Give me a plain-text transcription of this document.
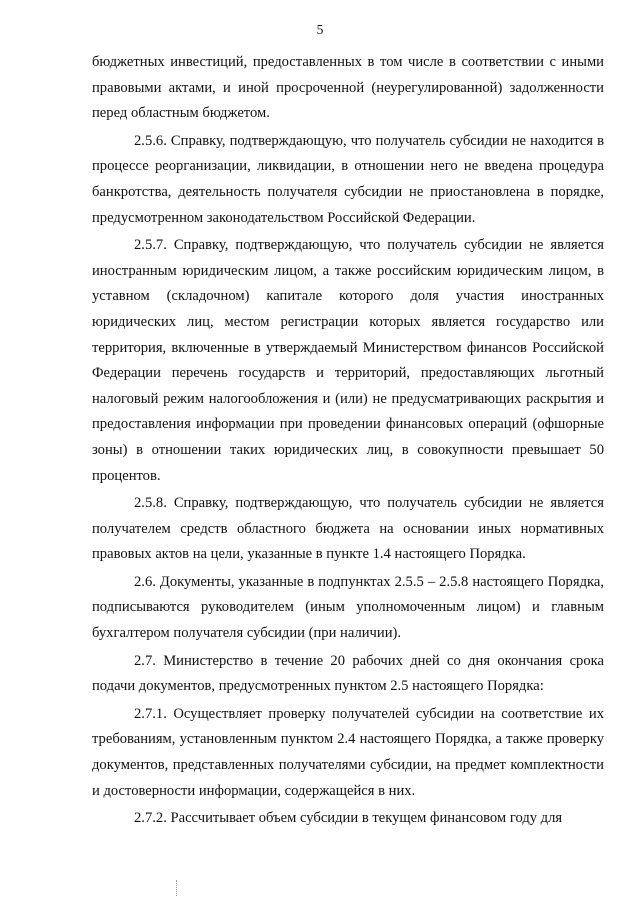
5

бюджетных инвестиций, предоставленных в том числе в соответствии с иными правовыми актами, и иной просроченной (неурегулированной) задолженности перед областным бюджетом.

2.5.6. Справку, подтверждающую, что получатель субсидии не находится в процессе реорганизации, ликвидации, в отношении него не введена процедура банкротства, деятельность получателя субсидии не приостановлена в порядке, предусмотренном законодательством Российской Федерации.

2.5.7. Справку, подтверждающую, что получатель субсидии не является иностранным юридическим лицом, а также российским юридическим лицом, в уставном (складочном) капитале которого доля участия иностранных юридических лиц, местом регистрации которых является государство или территория, включенные в утверждаемый Министерством финансов Российской Федерации перечень государств и территорий, предоставляющих льготный налоговый режим налогообложения и (или) не предусматривающих раскрытия и предоставления информации при проведении финансовых операций (офшорные зоны) в отношении таких юридических лиц, в совокупности превышает 50 процентов.

2.5.8. Справку, подтверждающую, что получатель субсидии не является получателем средств областного бюджета на основании иных нормативных правовых актов на цели, указанные в пункте 1.4 настоящего Порядка.

2.6. Документы, указанные в подпунктах 2.5.5 – 2.5.8 настоящего Порядка, подписываются руководителем (иным уполномоченным лицом) и главным бухгалтером получателя субсидии (при наличии).

2.7. Министерство в течение 20 рабочих дней со дня окончания срока подачи документов, предусмотренных пунктом 2.5 настоящего Порядка:

2.7.1. Осуществляет проверку получателей субсидии на соответствие их требованиям, установленным пунктом 2.4 настоящего Порядка, а также проверку документов, представленных получателями субсидии, на предмет комплектности и достоверности информации, содержащейся в них.

2.7.2. Рассчитывает объем субсидии в текущем финансовом году для
